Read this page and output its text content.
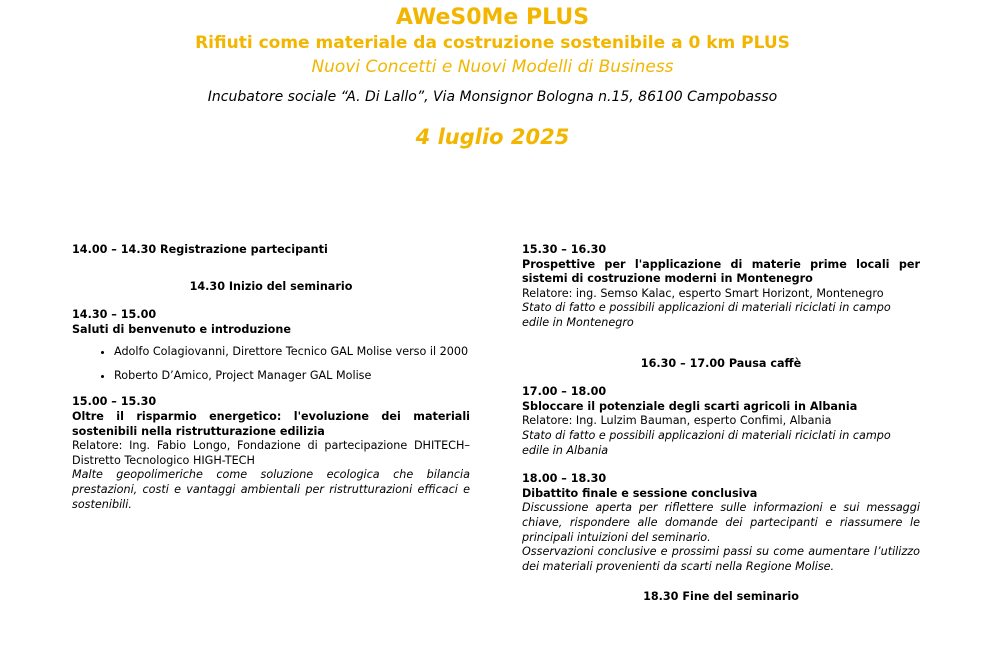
AWeS0Me PLUS
Rifiuti come materiale da costruzione sostenibile a 0 km PLUS
Nuovi Concetti e Nuovi Modelli di Business
Incubatore sociale “A. Di Lallo”, Via Monsignor Bologna n.15, 86100 Campobasso
4 luglio 2025

14.00 – 14.30 Registrazione partecipanti

14.30 Inizio del seminario

14.30 – 15.00

Saluti di benvenuto e introduzione

• Adolfo Colagiovanni, Direttore Tecnico GAL Molise verso il 2000
• Roberto D’Amico, Project Manager GAL Molise

15.00 – 15.30

Oltre il risparmio energetico: l'evoluzione dei materiali sostenibili nella ristrutturazione edilizia

Relatore: Ing. Fabio Longo, Fondazione di partecipazione DHITECH–Distretto Tecnologico HIGH-TECH

Malte geopolimeriche come soluzione ecologica che bilancia prestazioni, costi e vantaggi ambientali per ristrutturazioni efficaci e sostenibili.

15.30 – 16.30

Prospettive per l'applicazione di materie prime locali per sistemi di costruzione moderni in Montenegro

Relatore: ing. Semso Kalac, esperto Smart Horizont, Montenegro

Stato di fatto e possibili applicazioni di materiali riciclati in campo edile in Montenegro

16.30 – 17.00 Pausa caffè

17.00 – 18.00

Sbloccare il potenziale degli scarti agricoli in Albania

Relatore: Ing. Lulzim Bauman, esperto Confimi, Albania

Stato di fatto e possibili applicazioni di materiali riciclati in campo edile in Albania

18.00 – 18.30

Dibattito finale e sessione conclusiva

Discussione aperta per riflettere sulle informazioni e sui messaggi chiave, rispondere alle domande dei partecipanti e riassumere le principali intuizioni del seminario.

Osservazioni conclusive e prossimi passi su come aumentare l’utilizzo dei materiali provenienti da scarti nella Regione Molise.

18.30 Fine del seminario
